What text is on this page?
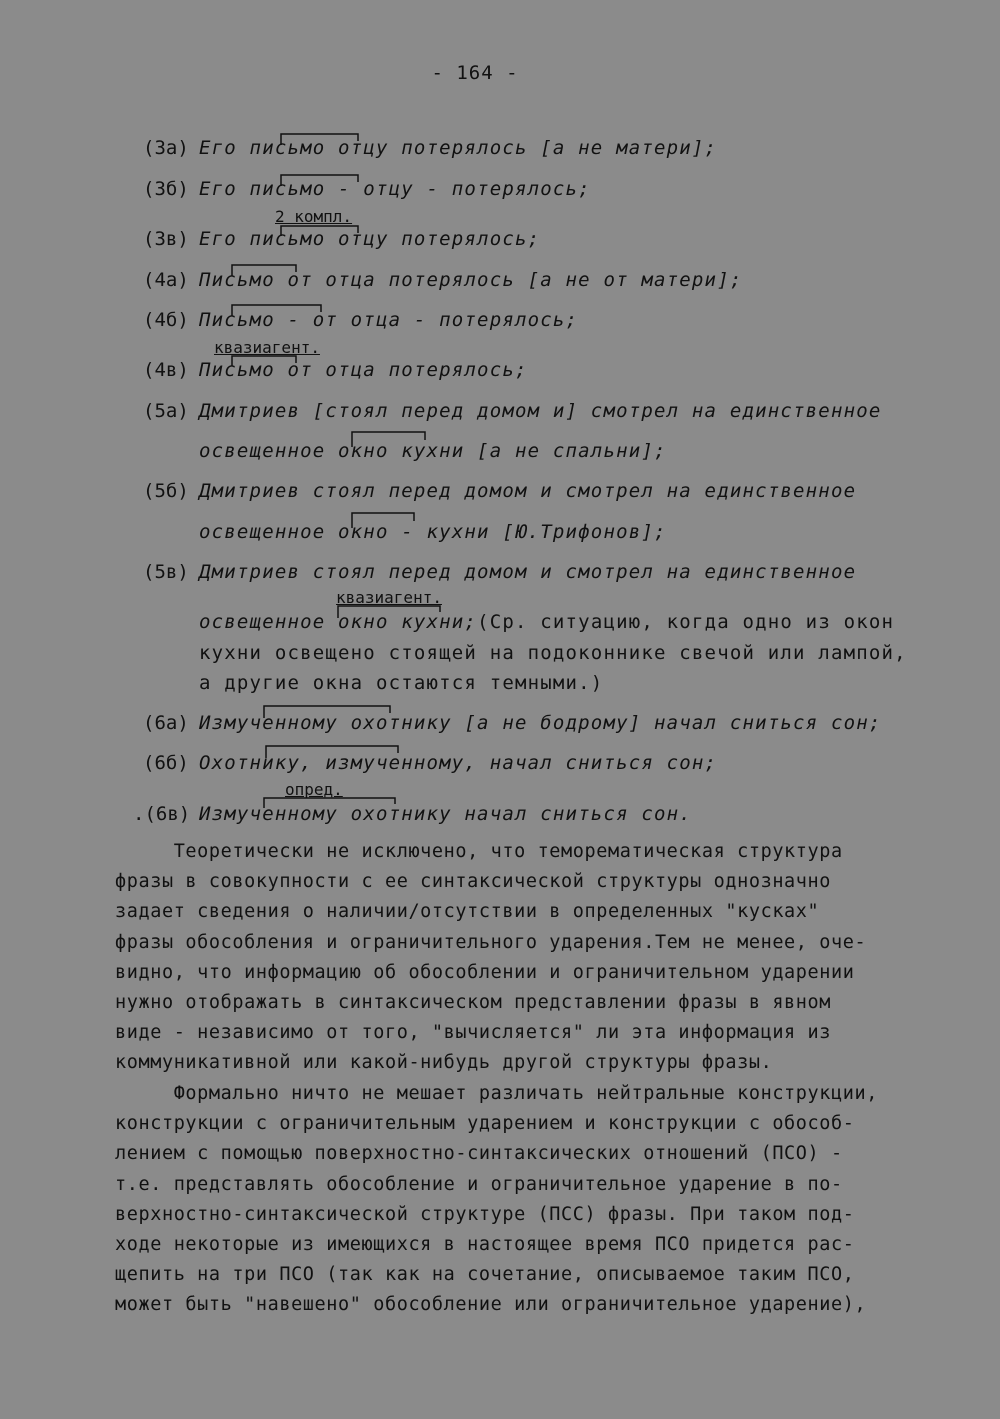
- 164 -
(3а) Его письмо отцу потерялось [а не матери];
(3б) Его письмо - отцу - потерялось;
2 компл.
(3в) Его письмо отцу потерялось;
(4а) Письмо от отца потерялось [а не от матери];
(4б) Письмо - от отца - потерялось;
квазиагент.
(4в) Письмо от отца потерялось;
(5а) Дмитриев [стоял перед домом и] смотрел на единственное
освещенное окно кухни [а не спальни];
(5б) Дмитриев стоял перед домом и смотрел на единственное
освещенное окно - кухни [Ю.Трифонов];
(5в) Дмитриев стоял перед домом и смотрел на единственное
квазиагент.
освещенное окно кухни;(Ср. ситуацию, когда одно из окон
кухни освещено стоящей на подоконнике свечой или лампой,
а другие окна остаются темными.)
(6а) Измученному охотнику [а не бодрому] начал сниться сон;
(6б) Охотнику, измученному, начал сниться сон;
опред.
.(6в) Измученному охотнику начал сниться сон.
Теоретически не исключено, что теморематическая структура
фразы в совокупности с ее синтаксической структуры однозначно
задает сведения о наличии/отсутствии в определенных "кусках"
фразы обособления и ограничительного ударения.Тем не менее, оче-
видно, что информацию об обособлении и ограничительном ударении
нужно отображать в синтаксическом представлении фразы в явном
виде - независимо от того, "вычисляется" ли эта информация из
коммуникативной или какой-нибудь другой структуры фразы.
Формально ничто не мешает различать нейтральные конструкции,
конструкции с ограничительным ударением и конструкции с обособ-
лением с помощью поверхностно-синтаксических отношений (ПСО) -
т.е. представлять обособление и ограничительное ударение в по-
верхностно-синтаксической структуре (ПСС) фразы. При таком под-
ходе некоторые из имеющихся в настоящее время ПСО придется рас-
щепить на три ПСО (так как на сочетание, описываемое таким ПСО,
может быть "навешено" обособление или ограничительное ударение),
